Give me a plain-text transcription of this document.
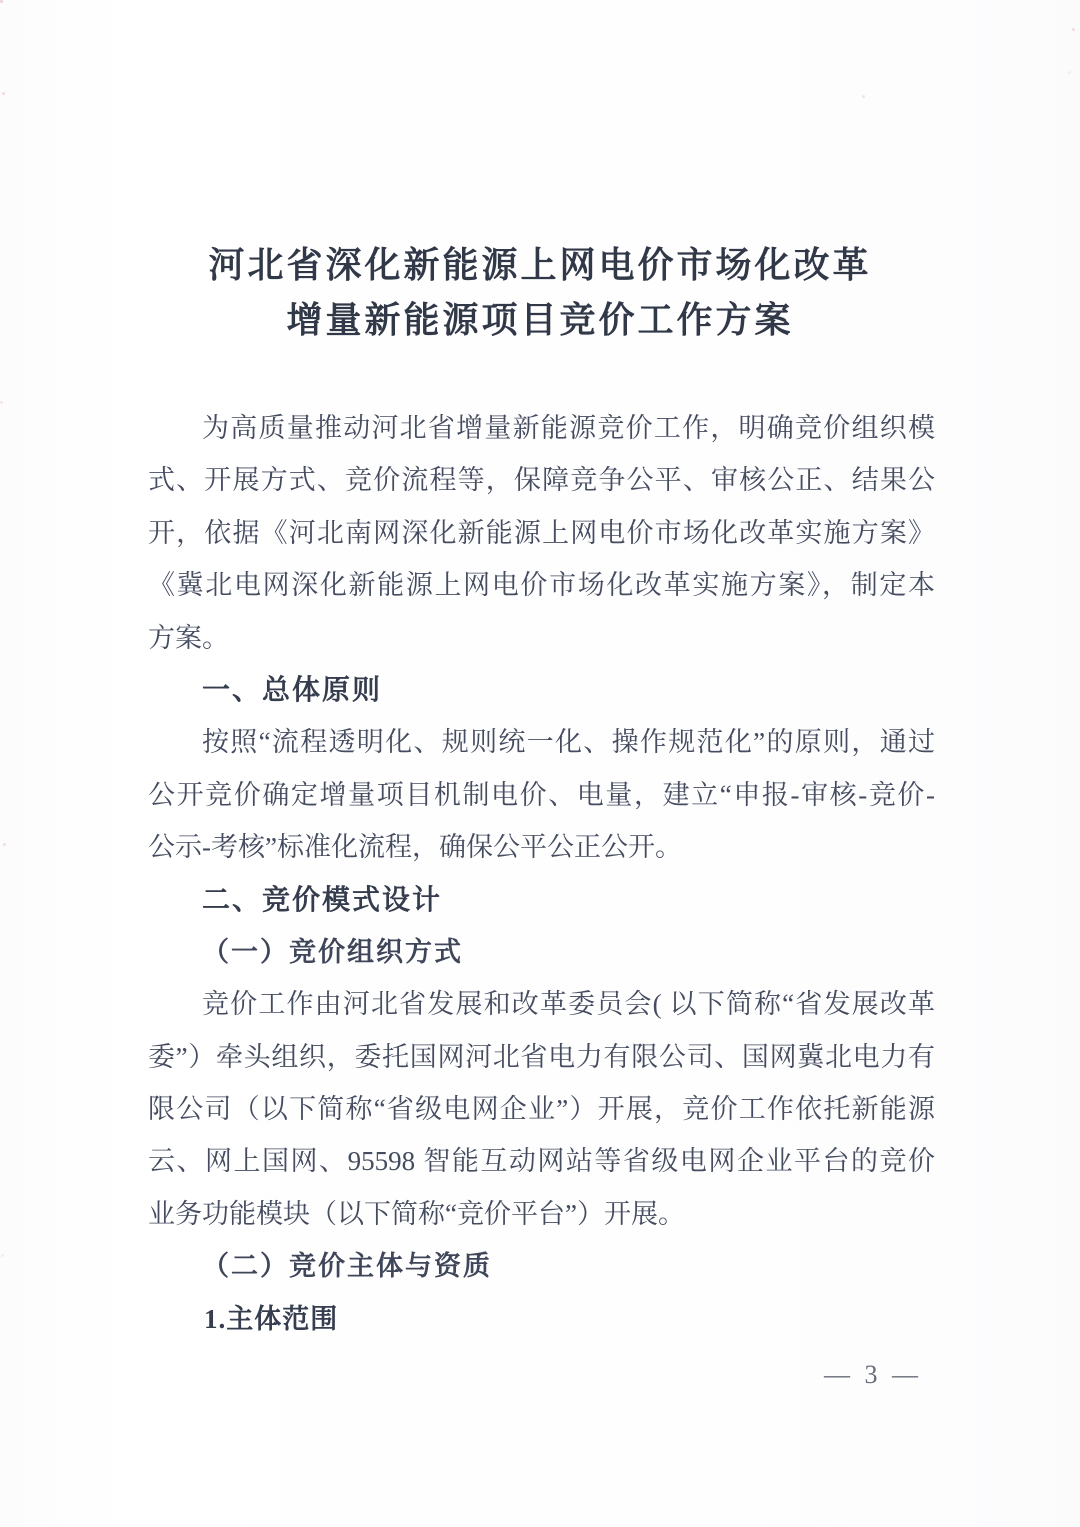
河北省深化新能源上网电价市场化改革
增量新能源项目竞价工作方案
为高质量推动河北省增量新能源竞价工作，明确竞价组织模
式、开展方式、竞价流程等，保障竞争公平、审核公正、结果公
开，依据《河北南网深化新能源上网电价市场化改革实施方案》
《冀北电网深化新能源上网电价市场化改革实施方案》，制定本
方案。
一、总体原则
按照“流程透明化、规则统一化、操作规范化”的原则，通过
公开竞价确定增量项目机制电价、电量，建立“申报-审核-竞价-
公示-考核”标准化流程，确保公平公正公开。
二、竞价模式设计
（一）竞价组织方式
竞价工作由河北省发展和改革委员会( 以下简称“省发展改革
委”）牵头组织，委托国网河北省电力有限公司、国网冀北电力有
限公司（以下简称“省级电网企业”）开展，竞价工作依托新能源
云、网上国网、95598 智能互动网站等省级电网企业平台的竞价
业务功能模块（以下简称“竞价平台”）开展。
（二）竞价主体与资质
1.主体范围
— 3 —
